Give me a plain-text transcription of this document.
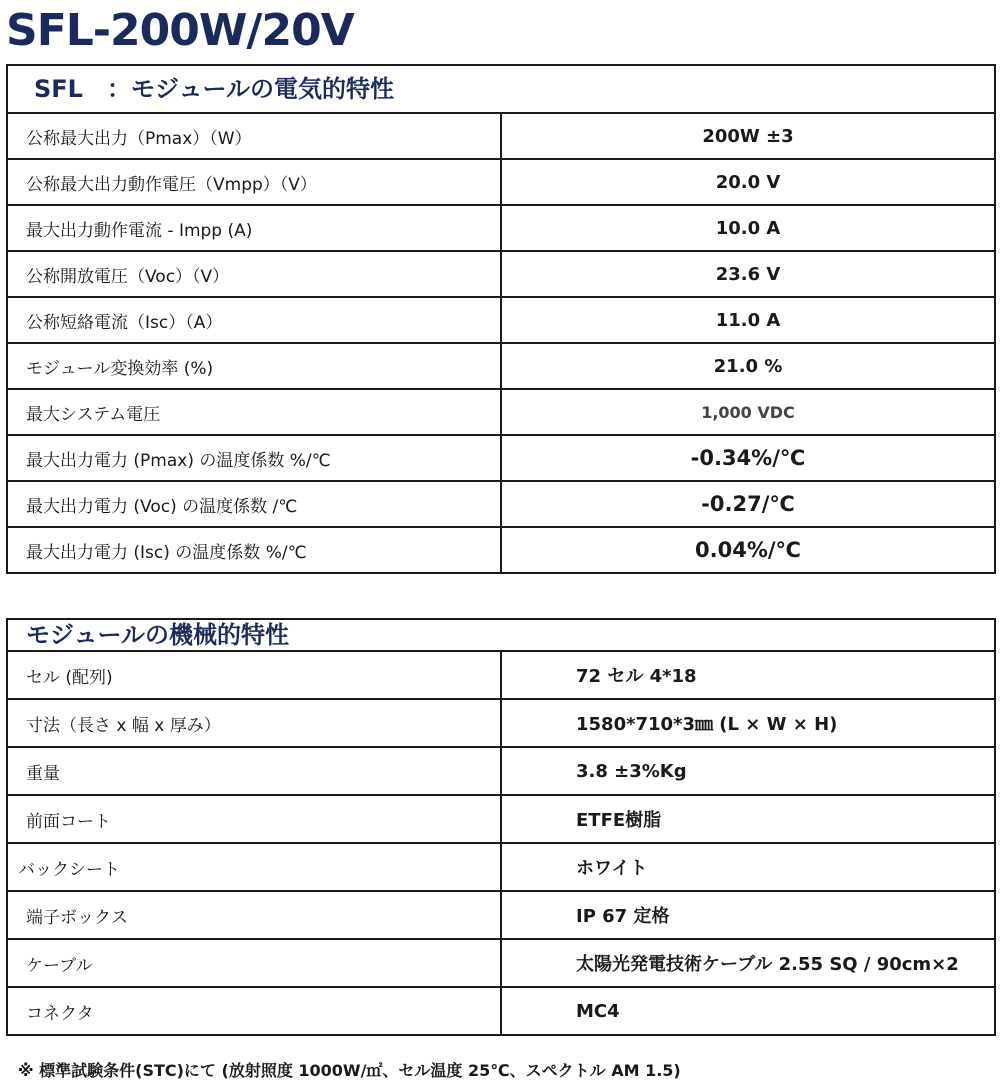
SFL-200W/20V
SFL　：モジュールの電気的特性	
公称最大出力（Pmax）（W）	200W ±3
公称最大出力動作電圧（Vmpp）（V）	20.0 V
最大出力動作電流 - Impp (A)	10.0 A
公称開放電圧（Voc）（V）	23.6 V
公称短絡電流（Isc）（A）	11.0 A
モジュール変換効率 (%)	21.0 %
最大システム電圧	1,000 VDC
最大出力電力 (Pmax) の温度係数 %/℃	-0.34%/℃
最大出力電力 (Voc) の温度係数 /℃	-0.27/℃
最大出力電力 (Isc) の温度係数 %/℃	0.04%/℃
モジュールの機械的特性	
セル (配列)	72 セル 4*18
寸法（長さ x 幅 x 厚み）	1580*710*3㎜ (L × W × H)
重量	3.8 ±3%Kg
前面コート	ETFE樹脂
バックシート	ホワイト
端子ボックス	IP 67 定格
ケーブル	太陽光発電技術ケーブル 2.55 SQ / 90cm×2
コネクタ	MC4
※ 標準試験条件(STC)にて (放射照度 1000W/㎡、セル温度 25℃、スペクトル AM 1.5)
